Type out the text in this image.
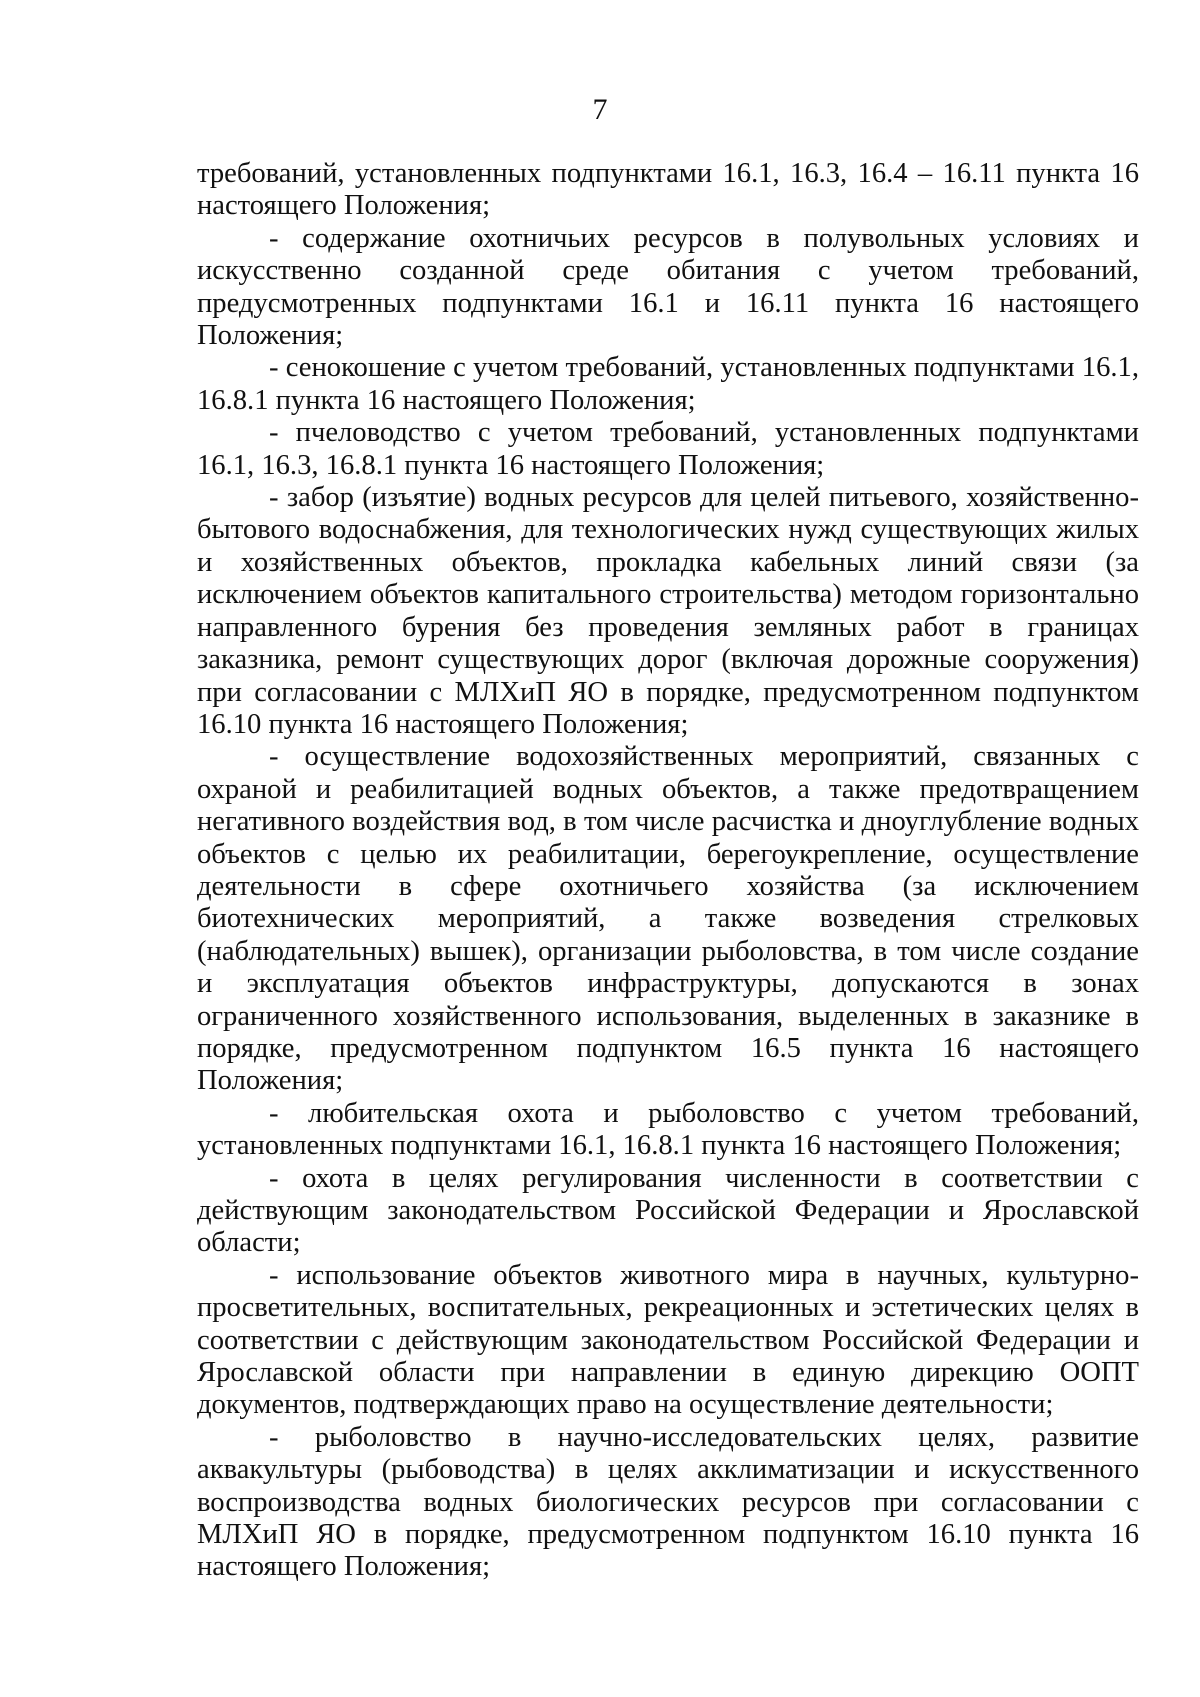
7

требований, установленных подпунктами 16.1, 16.3, 16.4 – 16.11 пункта 16 настоящего Положения;

- содержание охотничьих ресурсов в полувольных условиях и искусственно созданной среде обитания с учетом требований, предусмотренных подпунктами 16.1 и 16.11 пункта 16 настоящего Положения;

- сенокошение с учетом требований, установленных подпунктами 16.1, 16.8.1 пункта 16 настоящего Положения;

- пчеловодство с учетом требований, установленных подпунктами 16.1, 16.3, 16.8.1 пункта 16 настоящего Положения;

- забор (изъятие) водных ресурсов для целей питьевого, хозяйственно-бытового водоснабжения, для технологических нужд существующих жилых и хозяйственных объектов, прокладка кабельных линий связи (за исключением объектов капитального строительства) методом горизонтально направленного бурения без проведения земляных работ в границах заказника, ремонт существующих дорог (включая дорожные сооружения) при согласовании с МЛХиП ЯО в порядке, предусмотренном подпунктом 16.10 пункта 16 настоящего Положения;

- осуществление водохозяйственных мероприятий, связанных с охраной и реабилитацией водных объектов, а также предотвращением негативного воздействия вод, в том числе расчистка и дноуглубление водных объектов с целью их реабилитации, берегоукрепление, осуществление деятельности в сфере охотничьего хозяйства (за исключением биотехнических мероприятий, а также возведения стрелковых (наблюдательных) вышек), организации рыболовства, в том числе создание и эксплуатация объектов инфраструктуры, допускаются в зонах ограниченного хозяйственного использования, выделенных в заказнике в порядке, предусмотренном подпунктом 16.5 пункта 16 настоящего Положения;

- любительская охота и рыболовство с учетом требований, установленных подпунктами 16.1, 16.8.1 пункта 16 настоящего Положения;

- охота в целях регулирования численности в соответствии с действующим законодательством Российской Федерации и Ярославской области;

- использование объектов животного мира в научных, культурно-просветительных, воспитательных, рекреационных и эстетических целях в соответствии с действующим законодательством Российской Федерации и Ярославской области при направлении в единую дирекцию ООПТ документов, подтверждающих право на осуществление деятельности;

- рыболовство в научно-исследовательских целях, развитие аквакультуры (рыбоводства) в целях акклиматизации и искусственного воспроизводства водных биологических ресурсов при согласовании с МЛХиП ЯО в порядке, предусмотренном подпунктом 16.10 пункта 16 настоящего Положения;
